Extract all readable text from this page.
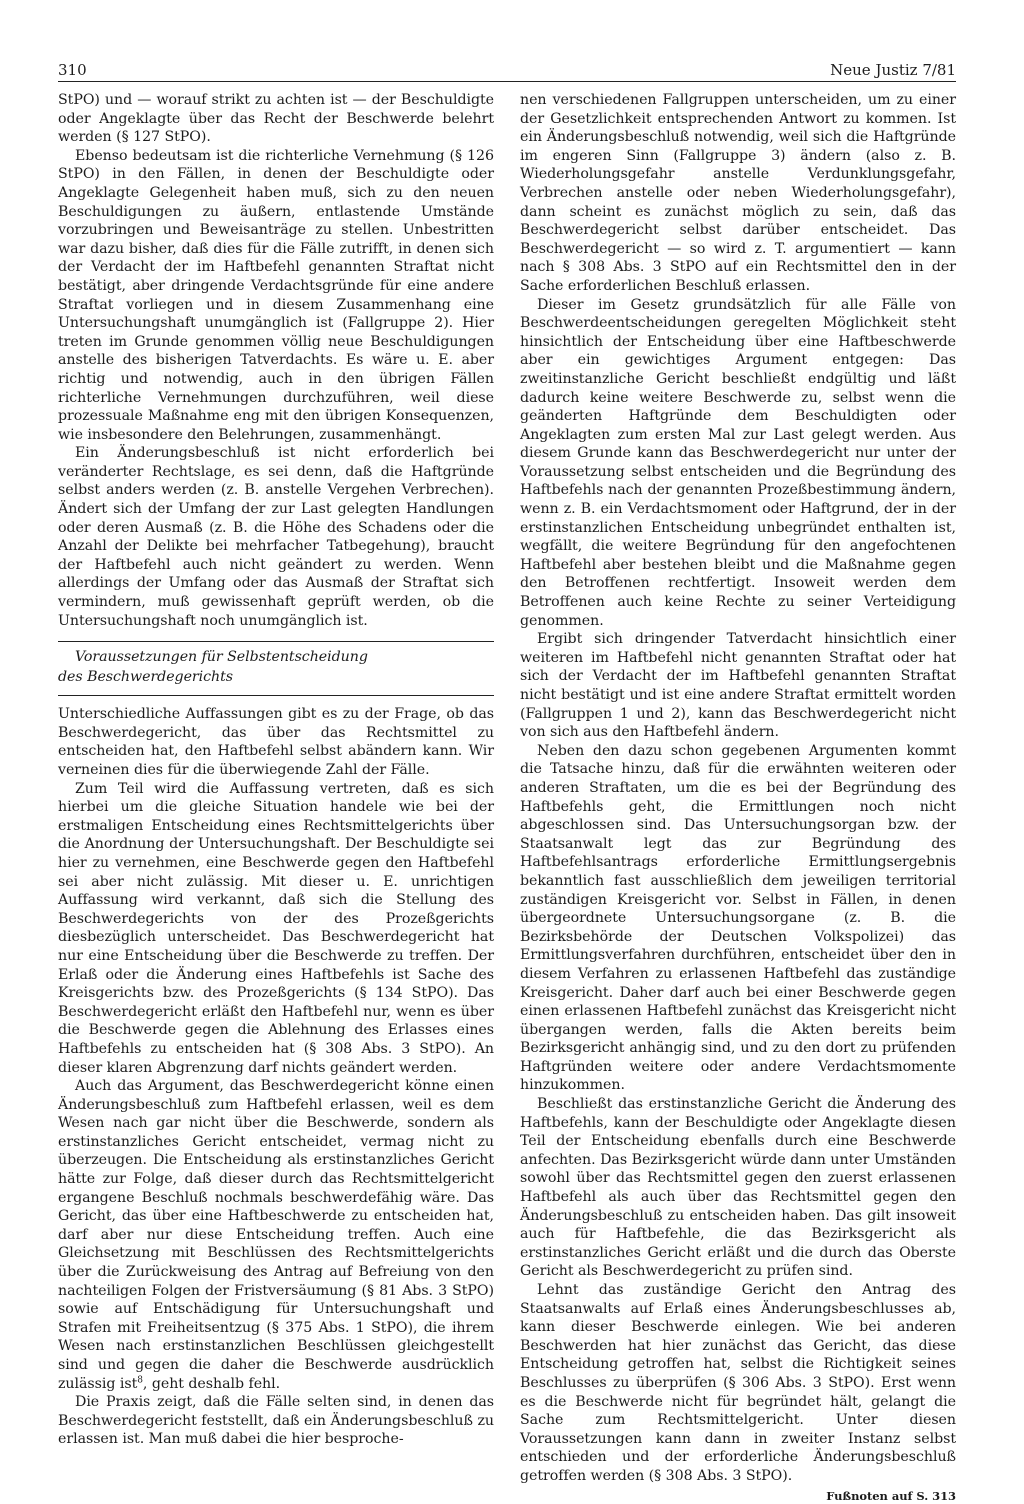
310	Neue Justiz 7/81

StPO) und — worauf strikt zu achten ist — der Beschuldigte oder Angeklagte über das Recht der Beschwerde belehrt werden (§ 127 StPO).

Ebenso bedeutsam ist die richterliche Vernehmung (§ 126 StPO) in den Fällen, in denen der Beschuldigte oder Angeklagte Gelegenheit haben muß, sich zu den neuen Beschuldigungen zu äußern, entlastende Umstände vorzubringen und Beweisanträge zu stellen. Unbestritten war dazu bisher, daß dies für die Fälle zutrifft, in denen sich der Verdacht der im Haftbefehl genannten Straftat nicht bestätigt, aber dringende Verdachtsgründe für eine andere Straftat vorliegen und in diesem Zusammenhang eine Untersuchungshaft unumgänglich ist (Fallgruppe 2). Hier treten im Grunde genommen völlig neue Beschuldigungen anstelle des bisherigen Tatverdachts. Es wäre u. E. aber richtig und notwendig, auch in den übrigen Fällen richterliche Vernehmungen durchzuführen, weil diese prozessuale Maßnahme eng mit den übrigen Konsequenzen, wie insbesondere den Belehrungen, zusammenhängt.

Ein Änderungsbeschluß ist nicht erforderlich bei veränderter Rechtslage, es sei denn, daß die Haftgründe selbst anders werden (z. B. anstelle Vergehen Verbrechen). Ändert sich der Umfang der zur Last gelegten Handlungen oder deren Ausmaß (z. B. die Höhe des Schadens oder die Anzahl der Delikte bei mehrfacher Tatbegehung), braucht der Haftbefehl auch nicht geändert zu werden. Wenn allerdings der Umfang oder das Ausmaß der Straftat sich vermindern, muß gewissenhaft geprüft werden, ob die Untersuchungshaft noch unumgänglich ist.

Voraussetzungen für Selbstentscheidung
des Beschwerdegerichts

Unterschiedliche Auffassungen gibt es zu der Frage, ob das Beschwerdegericht, das über das Rechtsmittel zu entscheiden hat, den Haftbefehl selbst abändern kann. Wir verneinen dies für die überwiegende Zahl der Fälle.

Zum Teil wird die Auffassung vertreten, daß es sich hierbei um die gleiche Situation handele wie bei der erstmaligen Entscheidung eines Rechtsmittelgerichts über die Anordnung der Untersuchungshaft. Der Beschuldigte sei hier zu vernehmen, eine Beschwerde gegen den Haftbefehl sei aber nicht zulässig. Mit dieser u. E. unrichtigen Auffassung wird verkannt, daß sich die Stellung des Beschwerdegerichts von der des Prozeßgerichts diesbezüglich unterscheidet. Das Beschwerdegericht hat nur eine Entscheidung über die Beschwerde zu treffen. Der Erlaß oder die Änderung eines Haftbefehls ist Sache des Kreisgerichts bzw. des Prozeßgerichts (§ 134 StPO). Das Beschwerdegericht erläßt den Haftbefehl nur, wenn es über die Beschwerde gegen die Ablehnung des Erlasses eines Haftbefehls zu entscheiden hat (§ 308 Abs. 3 StPO). An dieser klaren Abgrenzung darf nichts geändert werden.

Auch das Argument, das Beschwerdegericht könne einen Änderungsbeschluß zum Haftbefehl erlassen, weil es dem Wesen nach gar nicht über die Beschwerde, sondern als erstinstanzliches Gericht entscheidet, vermag nicht zu überzeugen. Die Entscheidung als erstinstanzliches Gericht hätte zur Folge, daß dieser durch das Rechtsmittelgericht ergangene Beschluß nochmals beschwerdefähig wäre. Das Gericht, das über eine Haftbeschwerde zu entscheiden hat, darf aber nur diese Entscheidung treffen. Auch eine Gleichsetzung mit Beschlüssen des Rechtsmittelgerichts über die Zurückweisung des Antrag auf Befreiung von den nachteiligen Folgen der Fristversäumung (§ 81 Abs. 3 StPO) sowie auf Entschädigung für Untersuchungshaft und Strafen mit Freiheitsentzug (§ 375 Abs. 1 StPO), die ihrem Wesen nach erstinstanzlichen Beschlüssen gleichgestellt sind und gegen die daher die Beschwerde ausdrücklich zulässig ist$^8$, geht deshalb fehl.

Die Praxis zeigt, daß die Fälle selten sind, in denen das Beschwerdegericht feststellt, daß ein Änderungsbeschluß zu erlassen ist. Man muß dabei die hier besproche-

nen verschiedenen Fallgruppen unterscheiden, um zu einer der Gesetzlichkeit entsprechenden Antwort zu kommen. Ist ein Änderungsbeschluß notwendig, weil sich die Haftgründe im engeren Sinn (Fallgruppe 3) ändern (also z. B. Wiederholungsgefahr anstelle Verdunklungsgefahr, Verbrechen anstelle oder neben Wiederholungsgefahr), dann scheint es zunächst möglich zu sein, daß das Beschwerdegericht selbst darüber entscheidet. Das Beschwerdegericht — so wird z. T. argumentiert — kann nach § 308 Abs. 3 StPO auf ein Rechtsmittel den in der Sache erforderlichen Beschluß erlassen.

Dieser im Gesetz grundsätzlich für alle Fälle von Beschwerdeentscheidungen geregelten Möglichkeit steht hinsichtlich der Entscheidung über eine Haftbeschwerde aber ein gewichtiges Argument entgegen: Das zweitinstanzliche Gericht beschließt endgültig und läßt dadurch keine weitere Beschwerde zu, selbst wenn die geänderten Haftgründe dem Beschuldigten oder Angeklagten zum ersten Mal zur Last gelegt werden. Aus diesem Grunde kann das Beschwerdegericht nur unter der Voraussetzung selbst entscheiden und die Begründung des Haftbefehls nach der genannten Prozeßbestimmung ändern, wenn z. B. ein Verdachtsmoment oder Haftgrund, der in der erstinstanzlichen Entscheidung unbegründet enthalten ist, wegfällt, die weitere Begründung für den angefochtenen Haftbefehl aber bestehen bleibt und die Maßnahme gegen den Betroffenen rechtfertigt. Insoweit werden dem Betroffenen auch keine Rechte zu seiner Verteidigung genommen.

Ergibt sich dringender Tatverdacht hinsichtlich einer weiteren im Haftbefehl nicht genannten Straftat oder hat sich der Verdacht der im Haftbefehl genannten Straftat nicht bestätigt und ist eine andere Straftat ermittelt worden (Fallgruppen 1 und 2), kann das Beschwerdegericht nicht von sich aus den Haftbefehl ändern.

Neben den dazu schon gegebenen Argumenten kommt die Tatsache hinzu, daß für die erwähnten weiteren oder anderen Straftaten, um die es bei der Begründung des Haftbefehls geht, die Ermittlungen noch nicht abgeschlossen sind. Das Untersuchungsorgan bzw. der Staatsanwalt legt das zur Begründung des Haftbefehlsantrags erforderliche Ermittlungsergebnis bekanntlich fast ausschließlich dem jeweiligen territorial zuständigen Kreisgericht vor. Selbst in Fällen, in denen übergeordnete Untersuchungsorgane (z. B. die Bezirksbehörde der Deutschen Volkspolizei) das Ermittlungsverfahren durchführen, entscheidet über den in diesem Verfahren zu erlassenen Haftbefehl das zuständige Kreisgericht. Daher darf auch bei einer Beschwerde gegen einen erlassenen Haftbefehl zunächst das Kreisgericht nicht übergangen werden, falls die Akten bereits beim Bezirksgericht anhängig sind, und zu den dort zu prüfenden Haftgründen weitere oder andere Verdachtsmomente hinzukommen.

Beschließt das erstinstanzliche Gericht die Änderung des Haftbefehls, kann der Beschuldigte oder Angeklagte diesen Teil der Entscheidung ebenfalls durch eine Beschwerde anfechten. Das Bezirksgericht würde dann unter Umständen sowohl über das Rechtsmittel gegen den zuerst erlassenen Haftbefehl als auch über das Rechtsmittel gegen den Änderungsbeschluß zu entscheiden haben. Das gilt insoweit auch für Haftbefehle, die das Bezirksgericht als erstinstanzliches Gericht erläßt und die durch das Oberste Gericht als Beschwerdegericht zu prüfen sind.

Lehnt das zuständige Gericht den Antrag des Staatsanwalts auf Erlaß eines Änderungsbeschlusses ab, kann dieser Beschwerde einlegen. Wie bei anderen Beschwerden hat hier zunächst das Gericht, das diese Entscheidung getroffen hat, selbst die Richtigkeit seines Beschlusses zu überprüfen (§ 306 Abs. 3 StPO). Erst wenn es die Beschwerde nicht für begründet hält, gelangt die Sache zum Rechtsmittelgericht. Unter diesen Voraussetzungen kann dann in zweiter Instanz selbst entschieden und der erforderliche Änderungsbeschluß getroffen werden (§ 308 Abs. 3 StPO).

Fußnoten auf S. 313
